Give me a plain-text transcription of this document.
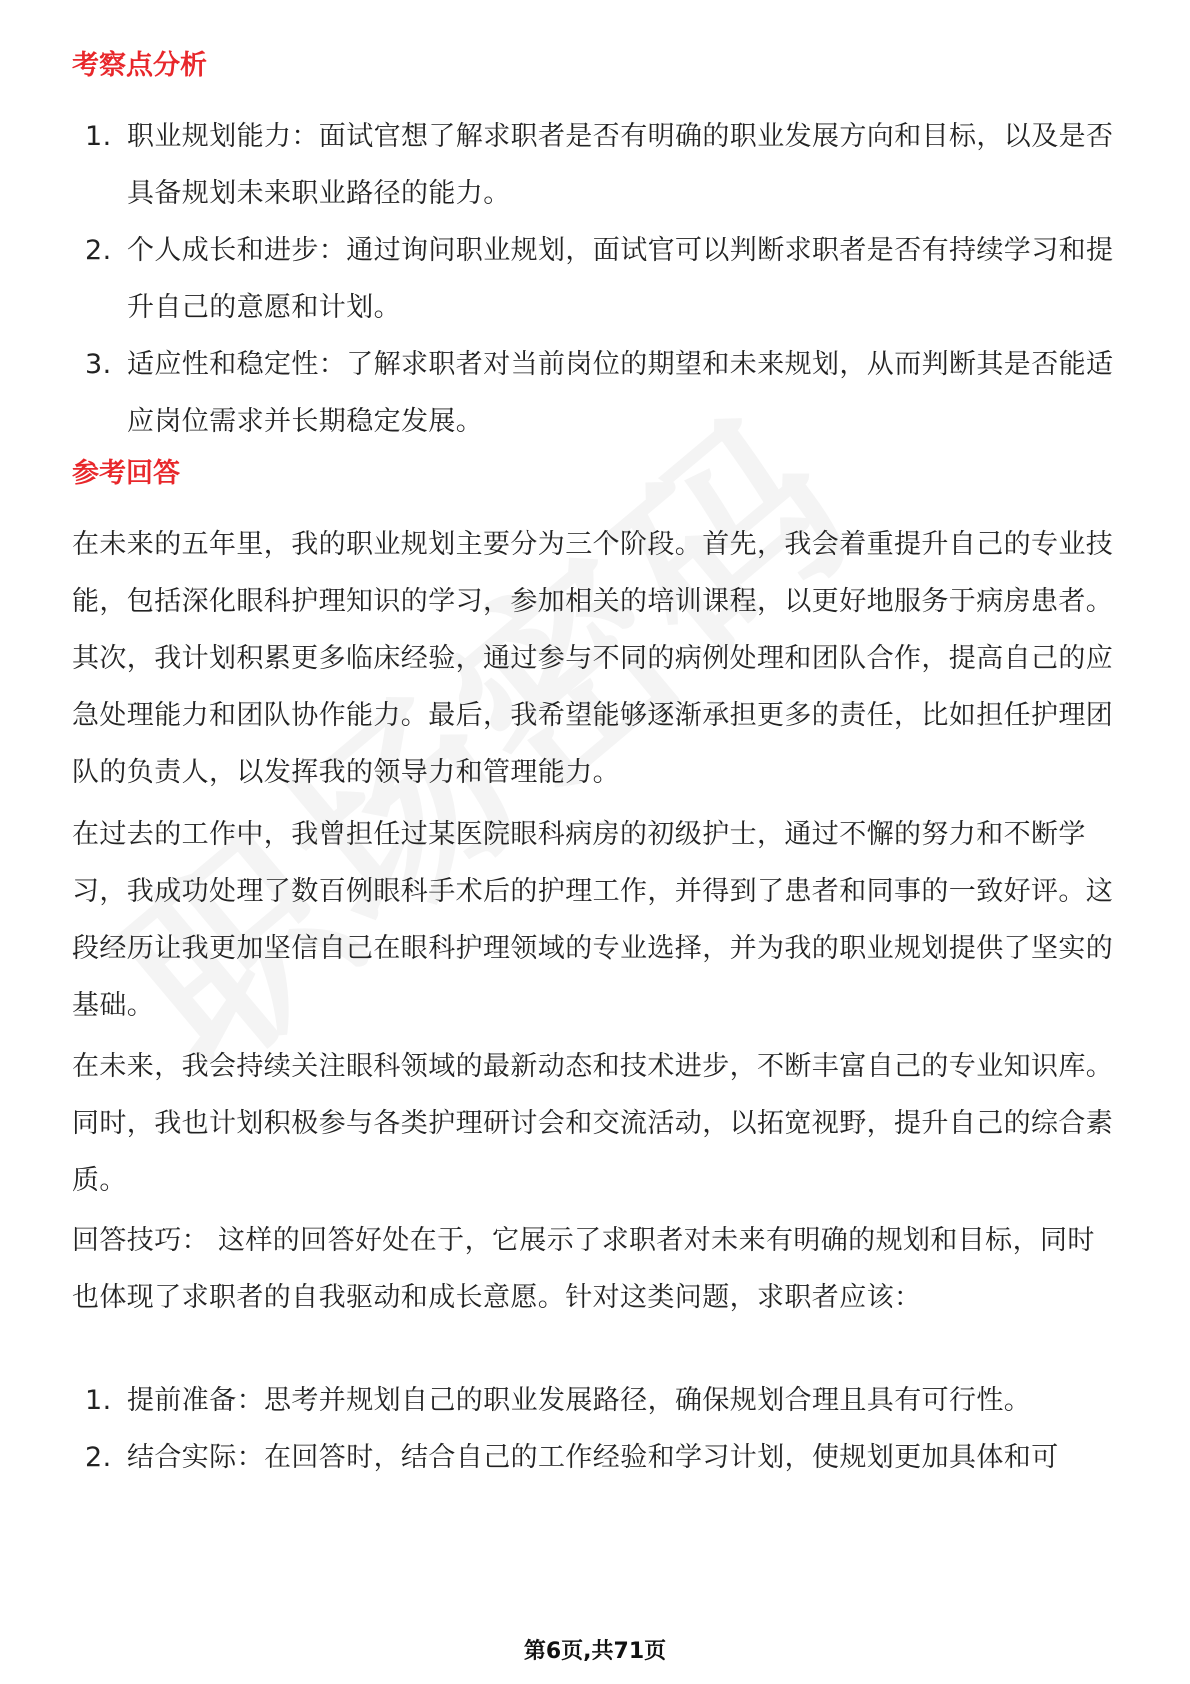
考察点分析
1. 职业规划能力：面试官想了解求职者是否有明确的职业发展方向和目标，以及是否具备规划未来职业路径的能力。
2. 个人成长和进步：通过询问职业规划，面试官可以判断求职者是否有持续学习和提升自己的意愿和计划。
3. 适应性和稳定性：了解求职者对当前岗位的期望和未来规划，从而判断其是否能适应岗位需求并长期稳定发展。
参考回答
在未来的五年里，我的职业规划主要分为三个阶段。首先，我会着重提升自己的专业技能，包括深化眼科护理知识的学习，参加相关的培训课程，以更好地服务于病房患者。其次，我计划积累更多临床经验，通过参与不同的病例处理和团队合作，提高自己的应急处理能力和团队协作能力。最后，我希望能够逐渐承担更多的责任，比如担任护理团队的负责人，以发挥我的领导力和管理能力。
在过去的工作中，我曾担任过某医院眼科病房的初级护士，通过不懈的努力和不断学习，我成功处理了数百例眼科手术后的护理工作，并得到了患者和同事的一致好评。这段经历让我更加坚信自己在眼科护理领域的专业选择，并为我的职业规划提供了坚实的基础。
在未来，我会持续关注眼科领域的最新动态和技术进步，不断丰富自己的专业知识库。同时，我也计划积极参与各类护理研讨会和交流活动，以拓宽视野，提升自己的综合素质。
回答技巧： 这样的回答好处在于，它展示了求职者对未来有明确的规划和目标，同时也体现了求职者的自我驱动和成长意愿。针对这类问题，求职者应该：
1. 提前准备：思考并规划自己的职业发展路径，确保规划合理且具有可行性。
2. 结合实际：在回答时，结合自己的工作经验和学习计划，使规划更加具体和可
第6页,共71页
